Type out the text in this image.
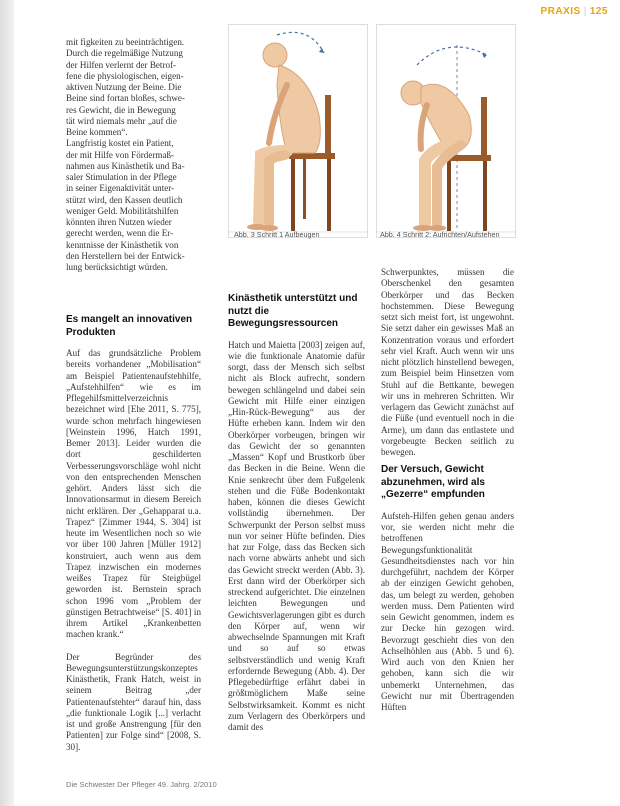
PRAXIS | 125
Abb. 3 Schritt 1 Aufbeugen	Abb. 4 Schritt 2: Aufrichten/Aufstehen

mit figkeiten zu beeinträchtigen.

Durch die regelmäßige Nutzung

der Hilfen verlernt der Betrof-

fene die physiologischen, eigen-

aktiven Nutzung der Beine. Die

Beine sind fortan bloßes, schwe-

res Gewicht, die in Bewegung

tät wird niemals mehr „auf die

Beine kommen“.

Langfristig kostet ein Patient,

der mit Hilfe von Fördermaß-

nahmen aus Kinästhetik und Ba-

saler Stimulation in der Pflege

in seiner Eigenaktivität unter-

stützt wird, den Kassen deutlich

weniger Geld. Mobilitätshilfen

könnten ihren Nutzen wieder

gerecht werden, wenn die Er-

kenntnisse der Kinästhetik von

den Herstellern bei der Entwick-

lung berücksichtigt würden.

Es mangelt an innovativen Produkten

Auf das grundsätzliche Problem bereits vorhandener „Mobilisation“ am Beispiel Patientenaufstehhilfe, „Aufstehhilfen“ wie es im Pflegehilfsmittelverzeichnis bezeichnet wird [Ehe 2011, S. 775], wurde schon mehrfach hingewiesen [Weinstein 1996, Hatch 1991, Bemer 2013]. Leider wurden die dort geschilderten Verbesserungsvorschläge wohl nicht von den entsprechenden Menschen gehört. Anders lässt sich die Innovationsarmut in diesem Bereich nicht erklären. Der „Gehapparat u.a. Trapez“ [Zimmer 1944, S. 304] ist heute im Wesentlichen noch so wie vor über 100 Jahren [Müller 1912] konstruiert, auch wenn aus dem Trapez inzwischen ein modernes weißes Trapez für Steigbügel geworden ist. Bernstein sprach schon 1996 vom „Problem der günstigen Betrachtweise“ [S. 401] in ihrem Artikel „Krankenbetten machen krank.“

Der Begründer des Bewegungsunterstützungskonzeptes Kinästhetik, Frank Hatch, weist in seinem Beitrag „der Patientenaufstehter“ darauf hin, dass „die funktionale Logik [...] verlacht ist und große Anstrengung [für den Patienten] zur Folge sind“ [2008, S. 30].

Kinästhetik unterstützt und nutzt die Bewegungsressourcen

Hatch und Maietta [2003] zeigen auf, wie die funktionale Anatomie dafür sorgt, dass der Mensch sich selbst nicht als Block aufrecht, sondern bewegen schlängelnd und dabei sein Gewicht mit Hilfe einer einzigen „Hin-Rück-Bewegung“ aus der Hüfte erheben kann. Indem wir den Oberkörper vorbeugen, bringen wir das Gewicht der so genannten „Massen“ Kopf und Brustkorb über das Becken in die Beine. Wenn die Knie senkrecht über dem Fußgelenk stehen und die Füße Bodenkontakt haben, können die dieses Gewicht vollständig übernehmen. Der Schwerpunkt der Person selbst muss nun vor seiner Hüfte befinden. Dies hat zur Folge, dass das Becken sich nach vorne abwärts anhebt und sich das Gewicht streckt werden (Abb. 3). Erst dann wird der Oberkörper sich streckend aufgerichtet. Die einzelnen leichten Bewegungen und Gewichtsverlagerungen gibt es durch den Körper auf, wenn wir abwechselnde Spannungen mit Kraft und so auf so etwas selbstverständlich und wenig Kraft erfordernde Bewegung (Abb. 4). Der Pflegebedürftige erfährt dabei in größtmöglichem Maße seine Selbstwirksamkeit. Kommt es nicht zum Verlagern des Oberkörpers und damit des

Schwerpunktes, müssen die Oberschenkel den gesamten Oberkörper und das Becken hochstemmen. Diese Bewegung setzt sich meist fort, ist ungewohnt. Sie setzt daher ein gewisses Maß an Konzentration voraus und erfordert sehr viel Kraft. Auch wenn wir uns nicht plötzlich hinstellend bewegen, zum Beispiel beim Hinsetzen vom Stuhl auf die Bettkante, bewegen wir uns in mehreren Schritten. Wir verlagern das Gewicht zunächst auf die Füße (und eventuell noch in die Arme), um dann das entlastete und vorgebeugte Becken seitlich zu bewegen.

Der Versuch, Gewicht abzunehmen, wird als „Gezerre“ empfunden

Aufsteh-Hilfen gehen genau anders vor, sie werden nicht mehr die betroffenen Bewegungsfunktionalität Gesundheitsdienstes nach vor hin durchgeführt, nachdem der Körper ab der einzigen Gewicht gehoben, das, um belegt zu werden, gehoben werden muss. Dem Patienten wird sein Gewicht genommen, indem es zur Decke hin gezogen wird. Bevorzugt geschieht dies von den Achselhöhlen aus (Abb. 5 und 6). Wird auch von den Knien her gehoben, kann sich die wir unbemerkt Unternehmen, das Gewicht nur mit Übertragenden Hüften

Die Schwester Der Pfleger 49. Jahrg. 2/2010
